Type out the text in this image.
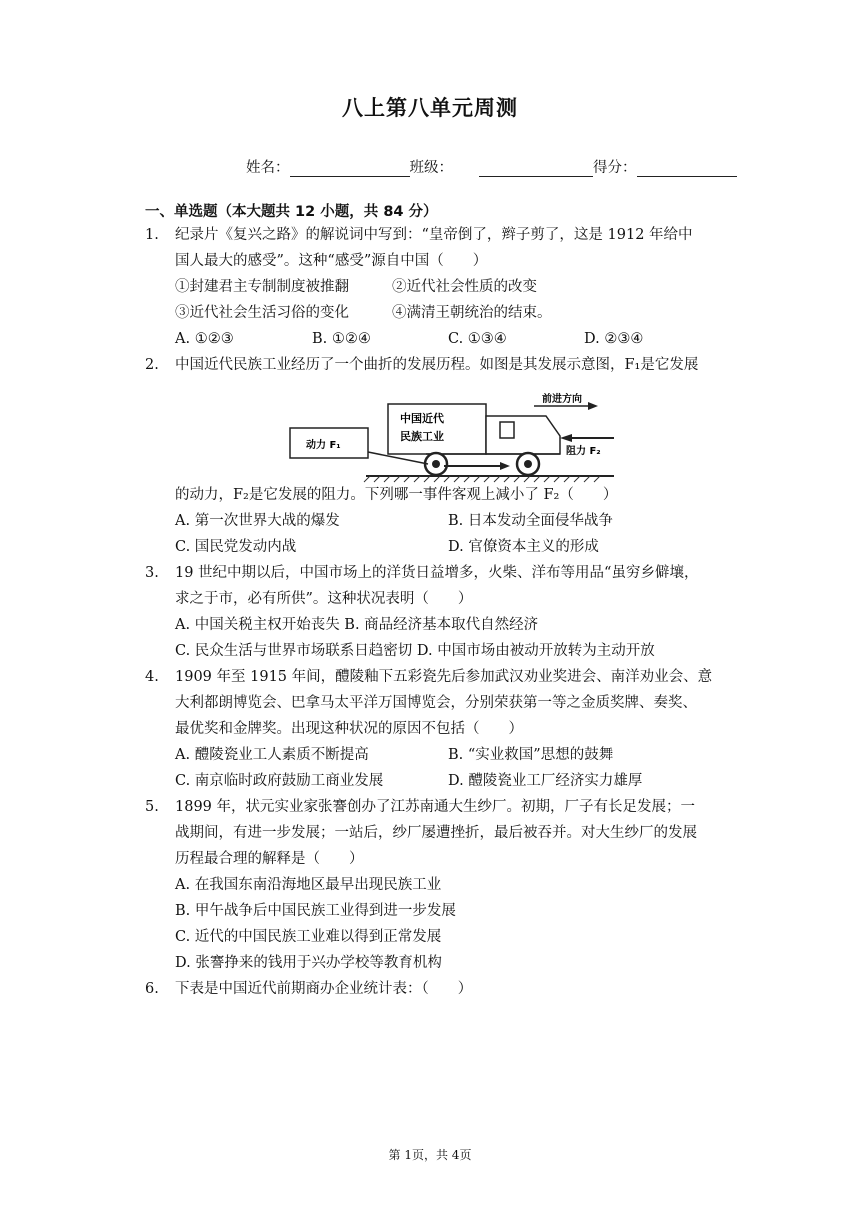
八上第八单元周测
姓名：	班级：	得分：
一、单选题（本大题共 12 小题，共 84 分）
1. 纪录片《复兴之路》的解说词中写到：“皇帝倒了，辫子剪了，这是 1912 年给中
国人最大的感受”。这种“感受”源自中国（　　）
①封建君主专制制度被推翻	②近代社会性质的改变
③近代社会生活习俗的变化	④满清王朝统治的结束。
A. ①②③	B. ①②④	C. ①③④	D. ②③④
2. 中国近代民族工业经历了一个曲折的发展历程。如图是其发展示意图，F₁是它发展
中国近代
民族工业
前进方向
动力 F₁
阻力 F₂
的动力，F₂是它发展的阻力。下列哪一事件客观上减小了 F₂（　　）
A. 第一次世界大战的爆发	B. 日本发动全面侵华战争
C. 国民党发动内战	D. 官僚资本主义的形成
3. 19 世纪中期以后，中国市场上的洋货日益增多，火柴、洋布等用品“虽穷乡僻壤，
求之于市，必有所供”。这种状况表明（　　）
A. 中国关税主权开始丧失 B. 商品经济基本取代自然经济
C. 民众生活与世界市场联系日趋密切 D. 中国市场由被动开放转为主动开放
4. 1909 年至 1915 年间，醴陵釉下五彩瓷先后参加武汉劝业奖进会、南洋劝业会、意
大利都朗博览会、巴拿马太平洋万国博览会，分别荣获第一等之金质奖牌、奏奖、
最优奖和金牌奖。出现这种状况的原因不包括（　　）
A. 醴陵瓷业工人素质不断提高	B. “实业救国”思想的鼓舞
C. 南京临时政府鼓励工商业发展	D. 醴陵瓷业工厂经济实力雄厚
5. 1899 年，状元实业家张謇创办了江苏南通大生纱厂。初期，厂子有长足发展；一
战期间，有进一步发展；一站后，纱厂屡遭挫折，最后被吞并。对大生纱厂的发展
历程最合理的解释是（　　）
A. 在我国东南沿海地区最早出现民族工业
B. 甲午战争后中国民族工业得到进一步发展
C. 近代的中国民族工业难以得到正常发展
D. 张謇挣来的钱用于兴办学校等教育机构
6. 下表是中国近代前期商办企业统计表：（　　）
第 1页，共 4页
